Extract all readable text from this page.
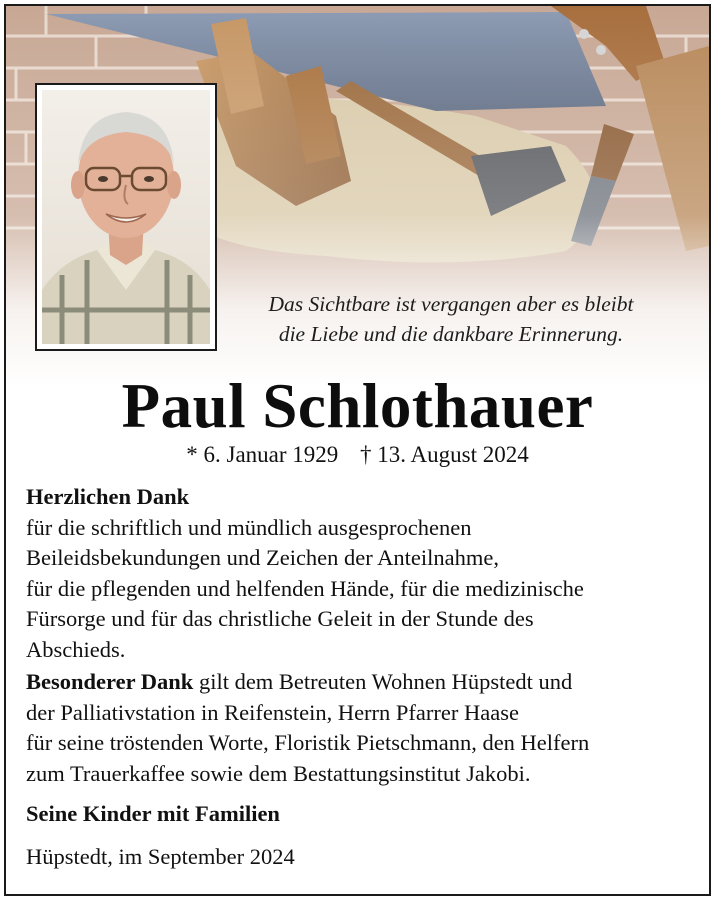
Das Sichtbare ist vergangen aber es bleibt
die Liebe und die dankbare Erinnerung.
Paul Schlothauer
* 6. Januar 1929 † 13. August 2024
Herzlichen Dank
für die schriftlich und mündlich ausgesprochenen
Beileidsbekundungen und Zeichen der Anteilnahme,
für die pflegenden und helfenden Hände, für die medizinische
Fürsorge und für das christliche Geleit in der Stunde des
Abschieds.
Besonderer Dank gilt dem Betreuten Wohnen Hüpstedt und
der Palliativstation in Reifenstein, Herrn Pfarrer Haase
für seine tröstenden Worte, Floristik Pietschmann, den Helfern
zum Trauerkaffee sowie dem Bestattungsinstitut Jakobi.
Seine Kinder mit Familien
Hüpstedt, im September 2024
